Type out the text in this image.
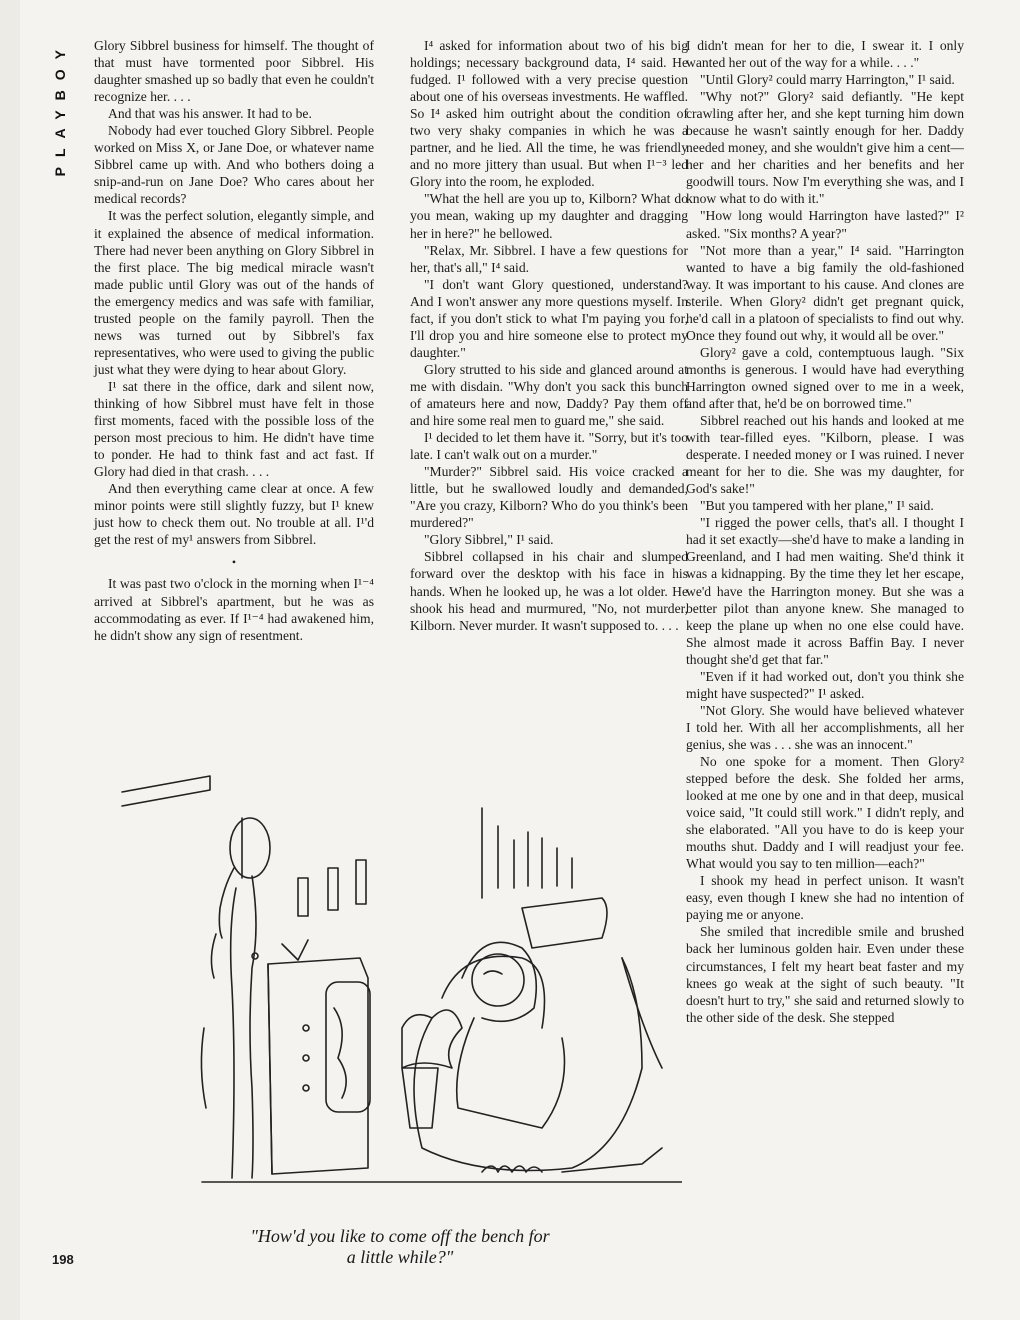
PLAYBOY Glory Sibbrel business for himself. The thought of that must have tormented poor Sibbrel. His daughter smashed up so badly that even he couldn't recognize her. . . .

And that was his answer. It had to be.

Nobody had ever touched Glory Sibbrel. People worked on Miss X, or Jane Doe, or whatever name Sibbrel came up with. And who bothers doing a snip-and-run on Jane Doe? Who cares about her medical records?

It was the perfect solution, elegantly simple, and it explained the absence of medical information. There had never been anything on Glory Sibbrel in the first place. The big medical miracle wasn't made public until Glory was out of the hands of the emergency medics and was safe with familiar, trusted people on the family payroll. Then the news was turned out by Sibbrel's fax representatives, who were used to giving the public just what they were dying to hear about Glory.

I¹ sat there in the office, dark and silent now, thinking of how Sibbrel must have felt in those first moments, faced with the possible loss of the person most precious to him. He didn't have time to ponder. He had to think fast and act fast. If Glory had died in that crash. . . .

And then everything came clear at once. A few minor points were still slightly fuzzy, but I¹ knew just how to check them out. No trouble at all. I¹'d get the rest of my¹ answers from Sibbrel.

•

It was past two o'clock in the morning when I¹⁻⁴ arrived at Sibbrel's apartment, but he was as accommodating as ever. If I¹⁻⁴ had awakened him, he didn't show any sign of resentment.

I⁴ asked for information about two of his big holdings; necessary background data, I⁴ said. He fudged. I¹ followed with a very precise question about one of his overseas investments. He waffled. So I⁴ asked him outright about the condition of two very shaky companies in which he was a partner, and he lied. All the time, he was friendly and no more jittery than usual. But when I¹⁻³ led Glory into the room, he exploded.

"What the hell are you up to, Kilborn? What do you mean, waking up my daughter and dragging her in here?" he bellowed.

"Relax, Mr. Sibbrel. I have a few questions for her, that's all," I⁴ said.

"I don't want Glory questioned, understand? And I won't answer any more questions myself. In fact, if you don't stick to what I'm paying you for, I'll drop you and hire someone else to protect my daughter."

Glory strutted to his side and glanced around at me with disdain. "Why don't you sack this bunch of amateurs here and now, Daddy? Pay them off and hire some real men to guard me," she said.

I¹ decided to let them have it. "Sorry, but it's too late. I can't walk out on a murder."

"Murder?" Sibbrel said. His voice cracked a little, but he swallowed loudly and demanded, "Are you crazy, Kilborn? Who do you think's been murdered?"

"Glory Sibbrel," I¹ said.

Sibbrel collapsed in his chair and slumped forward over the desktop with his face in his hands. When he looked up, he was a lot older. He shook his head and murmured, "No, not murder, Kilborn. Never murder. It wasn't supposed to. . . .

I didn't mean for her to die, I swear it. I only wanted her out of the way for a while. . . ."

"Until Glory² could marry Harrington," I¹ said.

"Why not?" Glory² said defiantly. "He kept crawling after her, and she kept turning him down because he wasn't saintly enough for her. Daddy needed money, and she wouldn't give him a cent—her and her charities and her benefits and her goodwill tours. Now I'm everything she was, and I know what to do with it."

"How long would Harrington have lasted?" I² asked. "Six months? A year?"

"Not more than a year," I⁴ said. "Harrington wanted to have a big family the old-fashioned way. It was important to his cause. And clones are sterile. When Glory² didn't get pregnant quick, he'd call in a platoon of specialists to find out why. Once they found out why, it would all be over."

Glory² gave a cold, contemptuous laugh. "Six months is generous. I would have had everything Harrington owned signed over to me in a week, and after that, he'd be on borrowed time."

Sibbrel reached out his hands and looked at me with tear-filled eyes. "Kilborn, please. I was desperate. I needed money or I was ruined. I never meant for her to die. She was my daughter, for God's sake!"

"But you tampered with her plane," I¹ said.

"I rigged the power cells, that's all. I thought I had it set exactly—she'd have to make a landing in Greenland, and I had men waiting. She'd think it was a kidnapping. By the time they let her escape, we'd have the Harrington money. But she was a better pilot than anyone knew. She managed to keep the plane up when no one else could have. She almost made it across Baffin Bay. I never thought she'd get that far."

"Even if it had worked out, don't you think she might have suspected?" I¹ asked.

"Not Glory. She would have believed whatever I told her. With all her accomplishments, all her genius, she was . . . she was an innocent."

No one spoke for a moment. Then Glory² stepped before the desk. She folded her arms, looked at me one by one and in that deep, musical voice said, "It could still work." I didn't reply, and she elaborated. "All you have to do is keep your mouths shut. Daddy and I will readjust your fee. What would you say to ten million—each?"

I shook my head in perfect unison. It wasn't easy, even though I knew she had no intention of paying me or anyone.

She smiled that incredible smile and brushed back her luminous golden hair. Even under these circumstances, I felt my heart beat faster and my knees go weak at the sight of such beauty. "It doesn't hurt to try," she said and returned slowly to the other side of the desk. She stepped

"How'd you like to come off the bench for
a little while?"
198
